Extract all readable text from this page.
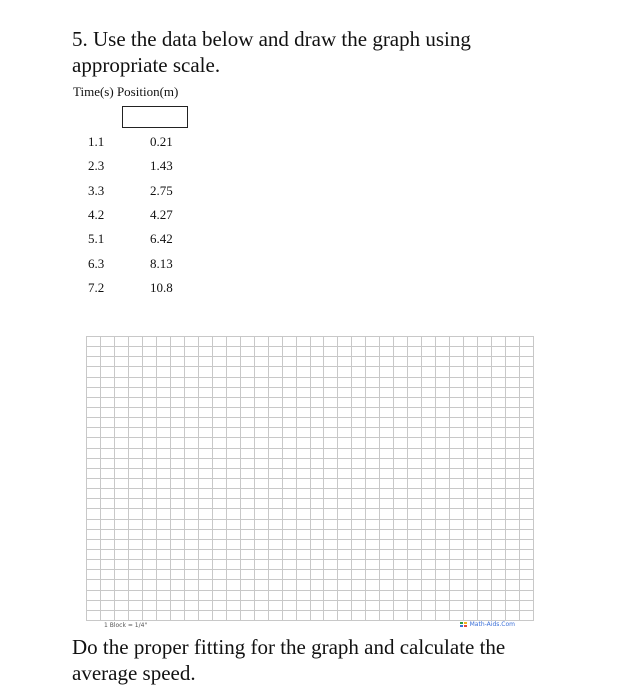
5. Use the data below and draw the graph using appropriate scale.
Time(s) Position(m)
1.1	0.21
2.3	1.43
3.3	2.75
4.2	4.27
5.1	6.42
6.3	8.13
7.2	10.8
1 Block = 1/4"	Math-Aids.Com
Do the proper fitting for the graph and calculate the average speed.
